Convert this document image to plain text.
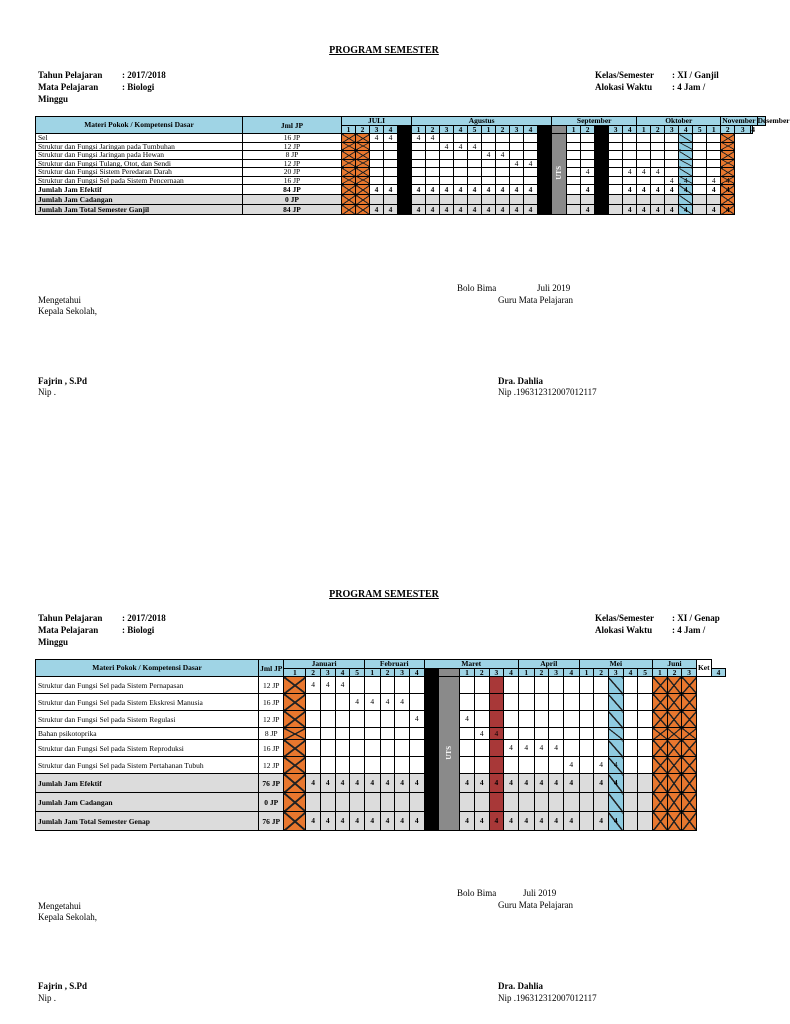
PROGRAM SEMESTER
Tahun Pelajaran	: 2017/2018
Mata Pelajaran	: Biologi
Minggu
Kelas/Semester : XI / Ganjil
Alokasi Waktu : 4 Jam /
Materi Pokok / Kompetensi Dasar	Jml JP	JULI					Agustus										September						Oktober						November			Desember
		1	2	3	4		1	2	3	4	5	1	2	3	4			1	2		3	4	1	2	3	4	5	1	2	3	4	
Sel	16 JP			4	4		4	4									UTS															
Struktur dan Fungsi Jaringan pada Tumbuhan	12 JP								4	4	4																					
Struktur dan Fungsi Jaringan pada Hewan	8 JP											4	4																			
Struktur dan Fungsi Tulang, Otot, dan Sendi	12 JP													4	4																	
Struktur dan Fungsi Sistem Peredaran Darah	20 JP																		4	4		4	4	4								
Struktur dan Fungsi Sel pada Sistem Pencernaan	16 JP																								4	4		4	4			
Jumlah Jam Efektif	84 JP			4	4		4	4	4	4	4	4	4	4	4				4	4		4	4	4	4	4		4	4			
Jumlah Jam Cadangan	0 JP																															
Jumlah Jam Total Semester Ganjil	84 JP			4	4		4	4	4	4	4	4	4	4	4				4	4		4	4	4	4	4		4	4			
Bolo Bima	Juli 2019
Guru Mata Pelajaran
Mengetahui
Kepala Sekolah,
Fajrin , S.Pd
Nip .
Dra. Dahlia
Nip .196312312007012117
PROGRAM SEMESTER
Tahun Pelajaran : 2017/2018
Mata Pelajaran	: Biologi
Minggu
Kelas/Semester : XI / Genap
Alokasi Waktu : 4 Jam /
Materi Pokok / Kompetensi Dasar	Jml JP	Januari					Februari				Maret						April				Mei					Juni			Ket	
		1	2	3	4	5	1	2	3	4			1	2	3	4	1	2	3	4	1	2	3	4	5	1	2	3		4
Struktur dan Fungsi Sel pada Sistem Pernapasan	12 JP		4	4	4							UTS																		
Struktur dan Fungsi Sel pada Sistem Ekskresi Manusia	16 JP					4	4	4	4																					
Struktur dan Fungsi Sel pada Sistem Regulasi	12 JP									4	4		4																	
Bahan psikotoprika	8 JP													4	4															
Struktur dan Fungsi Sel pada Sistem Reproduksi	16 JP															4	4	4	4											
Struktur dan Fungsi Sel pada Sistem Pertahanan Tubuh	12 JP																			4		4	4							
Jumlah Jam Efektif	76 JP		4	4	4	4	4	4	4	4	4		4	4	4	4	4	4	4	4		4	4							
Jumlah Jam Cadangan	0 JP																													
Jumlah Jam Total Semester Genap	76 JP		4	4	4	4	4	4	4	4	4		4	4	4	4	4	4	4	4		4	4							
Bolo Bima	Juli 2019
Guru Mata Pelajaran
Mengetahui
Kepala Sekolah,
Fajrin , S.Pd
Nip .
Dra. Dahlia
Nip .196312312007012117
